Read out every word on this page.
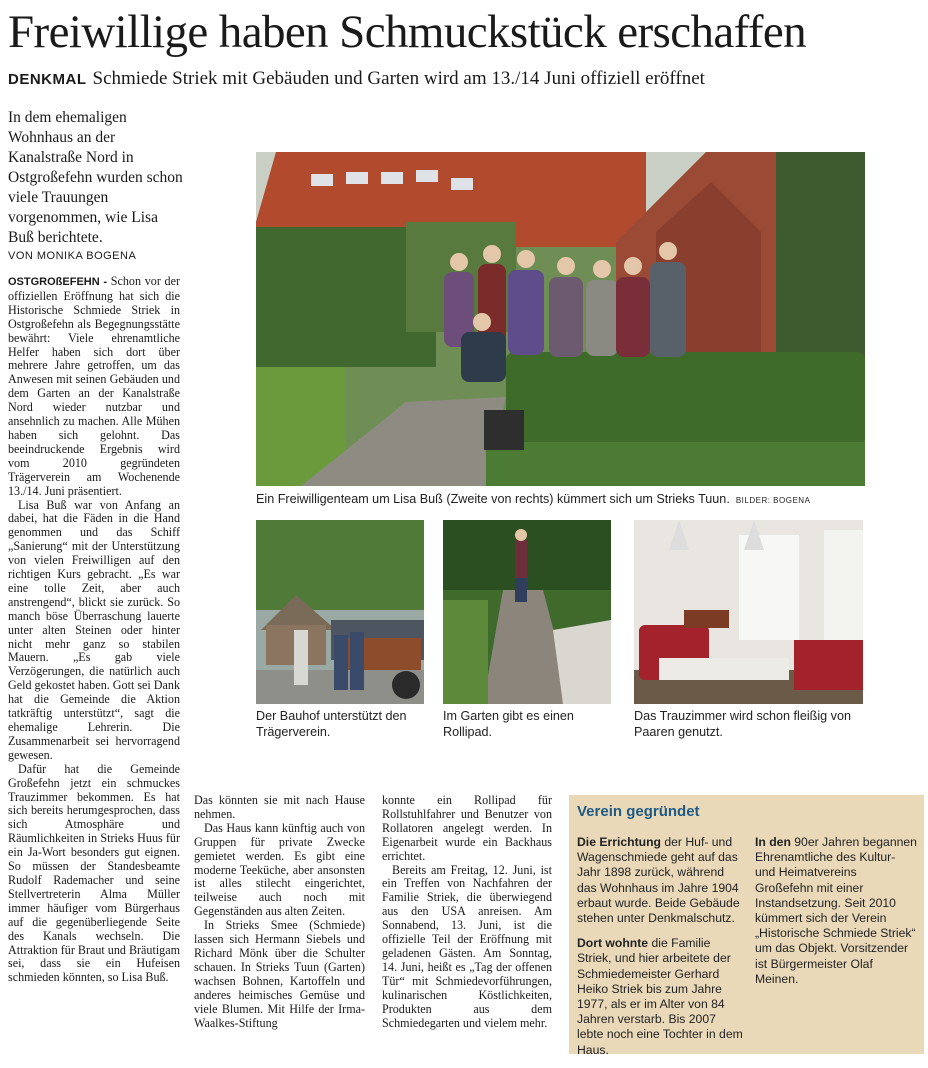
Freiwillige haben Schmuckstück erschaffen
DENKMAL Schmiede Striek mit Gebäuden und Garten wird am 13./14 Juni offiziell eröffnet
In dem ehemaligen Wohnhaus an der Kanalstraße Nord in Ostgroßefehn wurden schon viele Trauungen vorgenommen, wie Lisa Buß berichtete.
VON MONIKA BOGENA

OSTGROßEFEHN - Schon vor der offiziellen Eröffnung hat sich die Historische Schmiede Striek in Ostgroßefehn als Begegnungsstätte bewährt: Viele ehrenamtliche Helfer haben sich dort über mehrere Jahre getroffen, um das Anwesen mit seinen Gebäuden und dem Garten an der Kanalstraße Nord wieder nutzbar und ansehnlich zu machen. Alle Mühen haben sich gelohnt. Das beeindruckende Ergebnis wird vom 2010 gegründeten Trägerverein am Wochenende 13./14. Juni präsentiert.

Lisa Buß war von Anfang an dabei, hat die Fäden in die Hand genommen und das Schiff „Sanierung“ mit der Unterstützung von vielen Freiwilligen auf den richtigen Kurs gebracht. „Es war eine tolle Zeit, aber auch anstrengend“, blickt sie zurück. So manch böse Überraschung lauerte unter alten Steinen oder hinter nicht mehr ganz so stabilen Mauern. „Es gab viele Verzögerungen, die natürlich auch Geld gekostet haben. Gott sei Dank hat die Gemeinde die Aktion tatkräftig unterstützt“, sagt die ehemalige Lehrerin. Die Zusammenarbeit sei hervorragend gewesen.

Dafür hat die Gemeinde Großefehn jetzt ein schmuckes Trauzimmer bekommen. Es hat sich bereits herumgesprochen, dass sich Atmosphäre und Räumlichkeiten in Strieks Huus für ein Ja-Wort besonders gut eignen. So müssen der Standesbeamte Rudolf Rademacher und seine Stellvertreterin Alma Müller immer häufiger vom Bürgerhaus auf die gegenüberliegende Seite des Kanals wechseln. Die Attraktion für Braut und Bräutigam sei, dass sie ein Hufeisen schmieden könnten, so Lisa Buß.

Ein Freiwilligenteam um Lisa Buß (Zweite von rechts) kümmert sich um Strieks Tuun. BILDER: BOGENA
Der Bauhof unterstützt den Trägerverein.
Im Garten gibt es einen Rollipad.
Das Trauzimmer wird schon fleißig von Paaren genutzt.

Das könnten sie mit nach Hause nehmen.

Das Haus kann künftig auch von Gruppen für private Zwecke gemietet werden. Es gibt eine moderne Teeküche, aber ansonsten ist alles stilecht eingerichtet, teilweise auch noch mit Gegenständen aus alten Zeiten.

In Strieks Smee (Schmiede) lassen sich Hermann Siebels und Richard Mönk über die Schulter schauen. In Strieks Tuun (Garten) wachsen Bohnen, Kartoffeln und anderes heimisches Gemüse und viele Blumen. Mit Hilfe der Irma-Waalkes-Stiftung

konnte ein Rollipad für Rollstuhlfahrer und Benutzer von Rollatoren angelegt werden. In Eigenarbeit wurde ein Backhaus errichtet.

Bereits am Freitag, 12. Juni, ist ein Treffen von Nachfahren der Familie Striek, die überwiegend aus den USA anreisen. Am Sonnabend, 13. Juni, ist die offizielle Teil der Eröffnung mit geladenen Gästen. Am Sonntag, 14. Juni, heißt es „Tag der offenen Tür“ mit Schmiedevorführungen, kulinarischen Köstlichkeiten, Produkten aus dem Schmiedegarten und vielem mehr.

Verein gegründet

Die Errichtung der Huf- und Wagenschmiede geht auf das Jahr 1898 zurück, während das Wohnhaus im Jahre 1904 erbaut wurde. Beide Gebäude stehen unter Denkmalschutz.

Dort wohnte die Familie Striek, und hier arbeitete der Schmiedemeister Gerhard Heiko Striek bis zum Jahre 1977, als er im Alter von 84 Jahren verstarb. Bis 2007 lebte noch eine Tochter in dem Haus.

In den 90er Jahren begannen Ehrenamtliche des Kultur- und Heimatvereins Großefehn mit einer Instandsetzung. Seit 2010 kümmert sich der Verein „Historische Schmiede Striek“ um das Objekt. Vorsitzender ist Bürgermeister Olaf Meinen.
